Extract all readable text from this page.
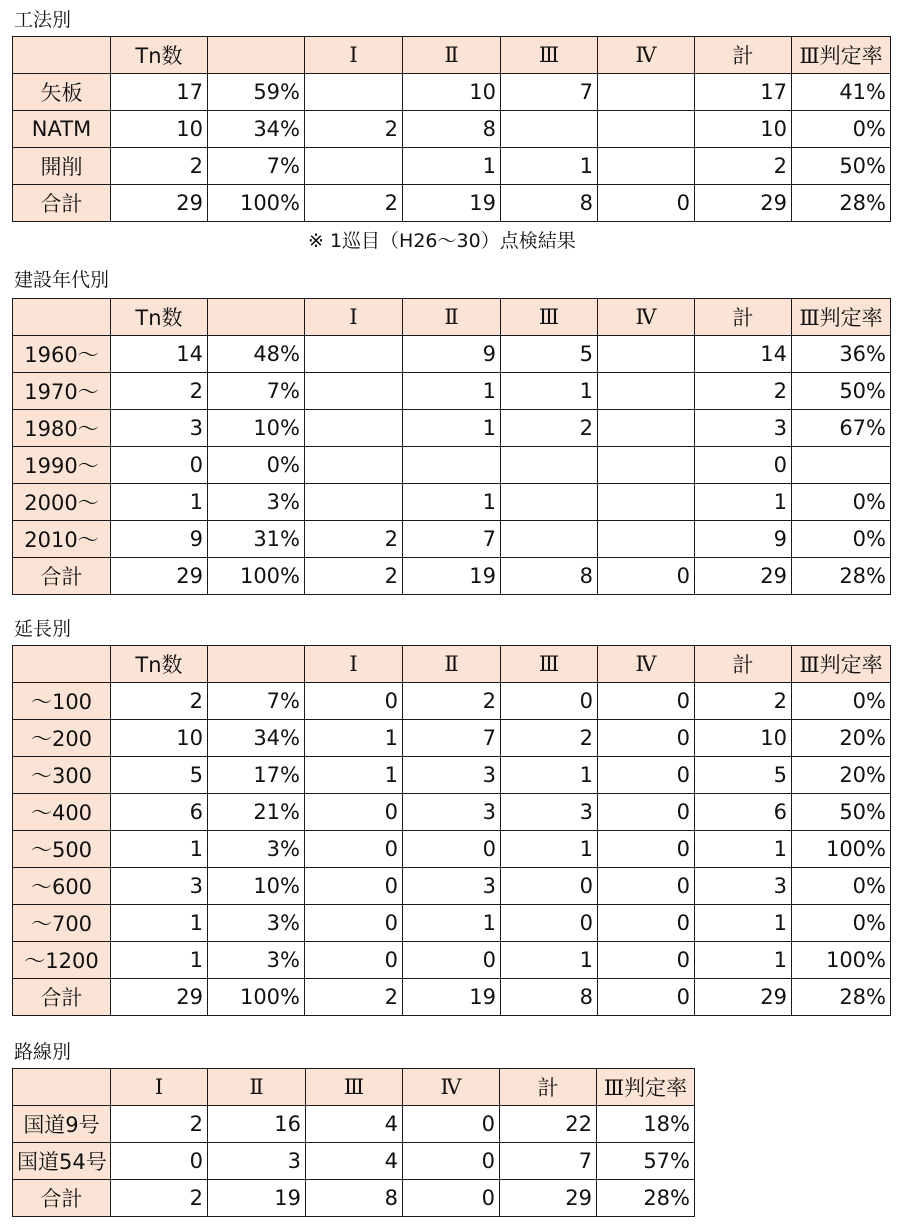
工法別
	Tn数		Ⅰ	Ⅱ	Ⅲ	Ⅳ	計	Ⅲ判定率
矢板	17	59%		10	7		17	41%
NATM	10	34%	2	8			10	0%
開削	2	7%		1	1		2	50%
合計	29	100%	2	19	8	0	29	28%
※ 1巡目（H26～30）点検結果
建設年代別
	Tn数		Ⅰ	Ⅱ	Ⅲ	Ⅳ	計	Ⅲ判定率
1960～	14	48%		9	5		14	36%
1970～	2	7%		1	1		2	50%
1980～	3	10%		1	2		3	67%
1990～	0	0%					0	
2000～	1	3%		1			1	0%
2010～	9	31%	2	7			9	0%
合計	29	100%	2	19	8	0	29	28%
延長別
	Tn数		Ⅰ	Ⅱ	Ⅲ	Ⅳ	計	Ⅲ判定率
～100	2	7%	0	2	0	0	2	0%
～200	10	34%	1	7	2	0	10	20%
～300	5	17%	1	3	1	0	5	20%
～400	6	21%	0	3	3	0	6	50%
～500	1	3%	0	0	1	0	1	100%
～600	3	10%	0	3	0	0	3	0%
～700	1	3%	0	1	0	0	1	0%
～1200	1	3%	0	0	1	0	1	100%
合計	29	100%	2	19	8	0	29	28%
路線別
	Ⅰ	Ⅱ	Ⅲ	Ⅳ	計	Ⅲ判定率
国道9号	2	16	4	0	22	18%
国道54号	0	3	4	0	7	57%
合計	2	19	8	0	29	28%
